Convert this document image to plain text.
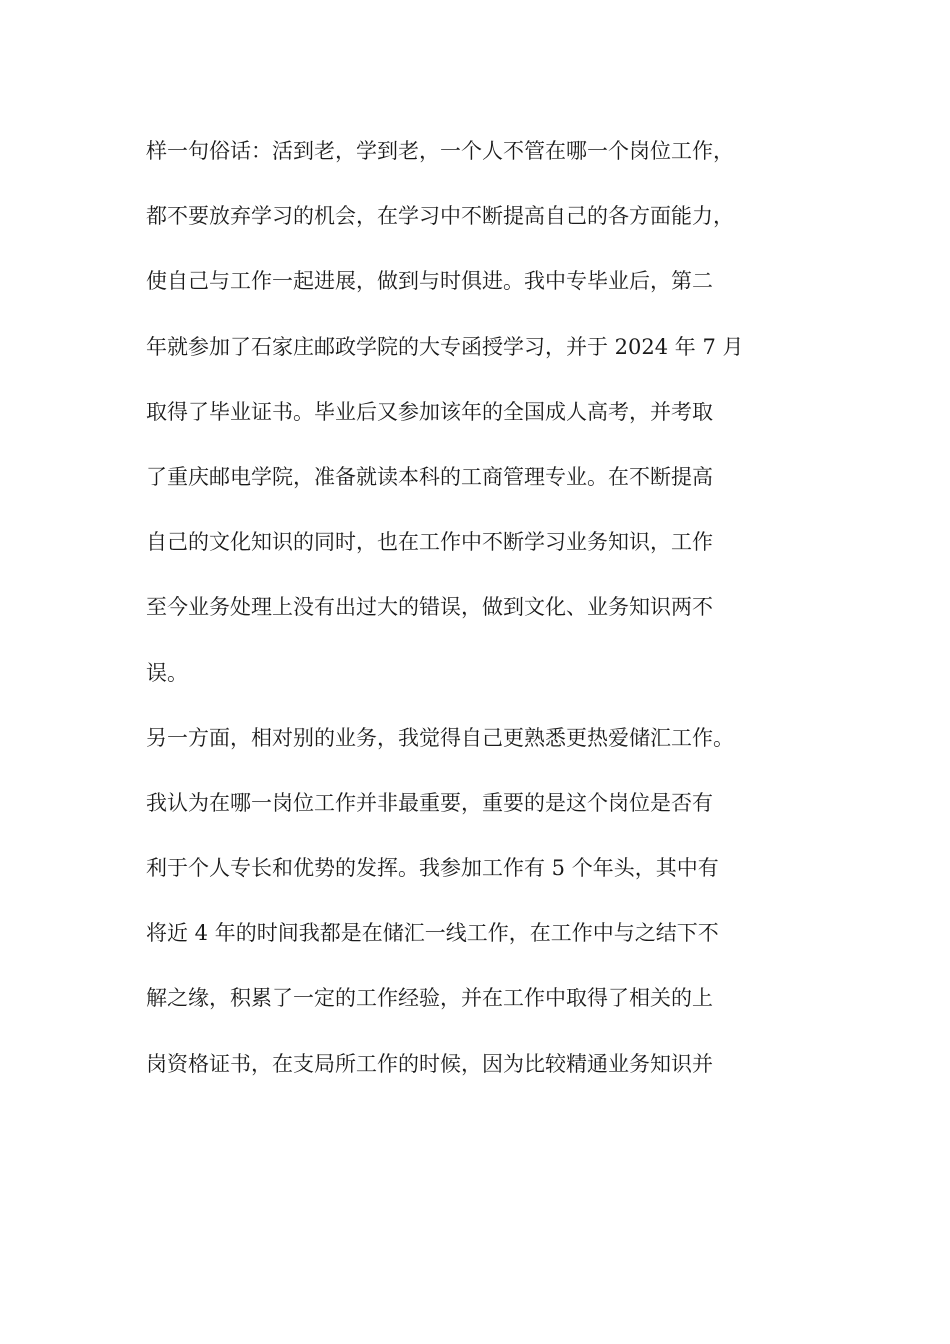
样一句俗话：活到老，学到老，一个人不管在哪一个岗位工作，
都不要放弃学习的机会，在学习中不断提高自己的各方面能力，
使自己与工作一起进展，做到与时俱进。我中专毕业后，第二
年就参加了石家庄邮政学院的大专函授学习，并于 2024 年 7 月
取得了毕业证书。毕业后又参加该年的全国成人高考，并考取
了重庆邮电学院，准备就读本科的工商管理专业。在不断提高
自己的文化知识的同时，也在工作中不断学习业务知识，工作
至今业务处理上没有出过大的错误，做到文化、业务知识两不
误。
另一方面，相对别的业务，我觉得自己更熟悉更热爱储汇工作。
我认为在哪一岗位工作并非最重要，重要的是这个岗位是否有
利于个人专长和优势的发挥。我参加工作有 5 个年头，其中有
将近 4 年的时间我都是在储汇一线工作，在工作中与之结下不
解之缘，积累了一定的工作经验，并在工作中取得了相关的上
岗资格证书，在支局所工作的时候，因为比较精通业务知识并
